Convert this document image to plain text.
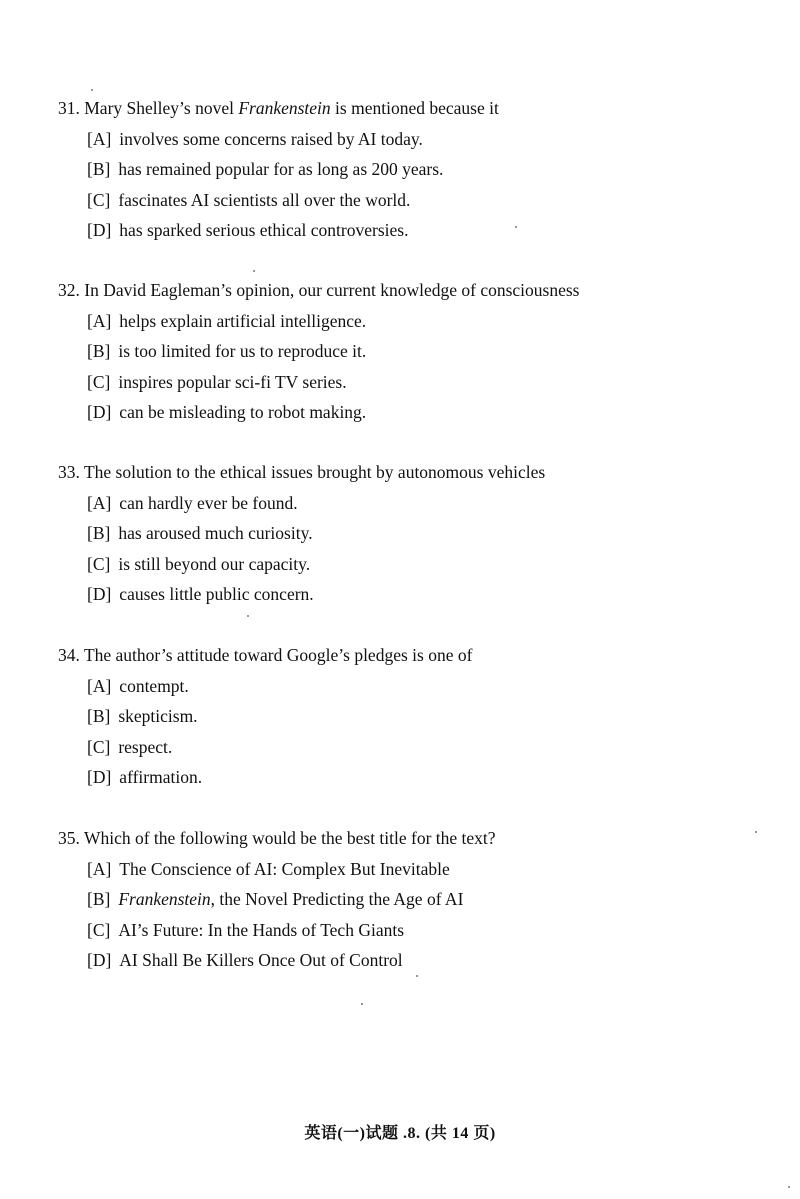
31. Mary Shelley’s novel Frankenstein is mentioned because it
[A] involves some concerns raised by AI today.
[B] has remained popular for as long as 200 years.
[C] fascinates AI scientists all over the world.
[D] has sparked serious ethical controversies.
32. In David Eagleman’s opinion, our current knowledge of consciousness
[A] helps explain artificial intelligence.
[B] is too limited for us to reproduce it.
[C] inspires popular sci-fi TV series.
[D] can be misleading to robot making.
33. The solution to the ethical issues brought by autonomous vehicles
[A] can hardly ever be found.
[B] has aroused much curiosity.
[C] is still beyond our capacity.
[D] causes little public concern.
34. The author’s attitude toward Google’s pledges is one of
[A] contempt.
[B] skepticism.
[C] respect.
[D] affirmation.
35. Which of the following would be the best title for the text?
[A] The Conscience of AI: Complex But Inevitable
[B] Frankenstein, the Novel Predicting the Age of AI
[C] AI’s Future: In the Hands of Tech Giants
[D] AI Shall Be Killers Once Out of Control
英语(一)试题 .8. (共 14 页)
